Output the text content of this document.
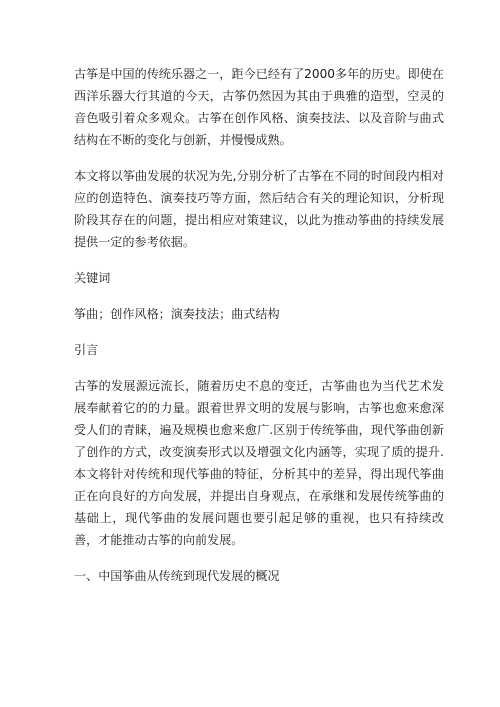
古筝是中国的传统乐器之一，距今已经有了2000多年的历史。即使在西洋乐器大行其道的今天，古筝仍然因为其由于典雅的造型，空灵的音色吸引着众多观众。古筝在创作风格、演奏技法、以及音阶与曲式结构在不断的变化与创新，并慢慢成熟。

本文将以筝曲发展的状况为先,分别分析了古筝在不同的时间段内相对应的创造特色、演奏技巧等方面，然后结合有关的理论知识，分析现阶段其存在的问题，提出相应对策建议，以此为推动筝曲的持续发展提供一定的参考依据。

关键词

筝曲；创作风格；演奏技法；曲式结构

引言

古筝的发展源远流长，随着历史不息的变迁，古筝曲也为当代艺术发展奉献着它的的力量。跟着世界文明的发展与影响，古筝也愈来愈深受人们的青睐，遍及规模也愈来愈广.区别于传统筝曲，现代筝曲创新了创作的方式，改变演奏形式以及增强文化内涵等，实现了质的提升.本文将针对传统和现代筝曲的特征，分析其中的差异，得出现代筝曲正在向良好的方向发展，并提出自身观点，在承继和发展传统筝曲的基础上，现代筝曲的发展问题也要引起足够的重视，也只有持续改善，才能推动古筝的向前发展。

一、中国筝曲从传统到现代发展的概况
